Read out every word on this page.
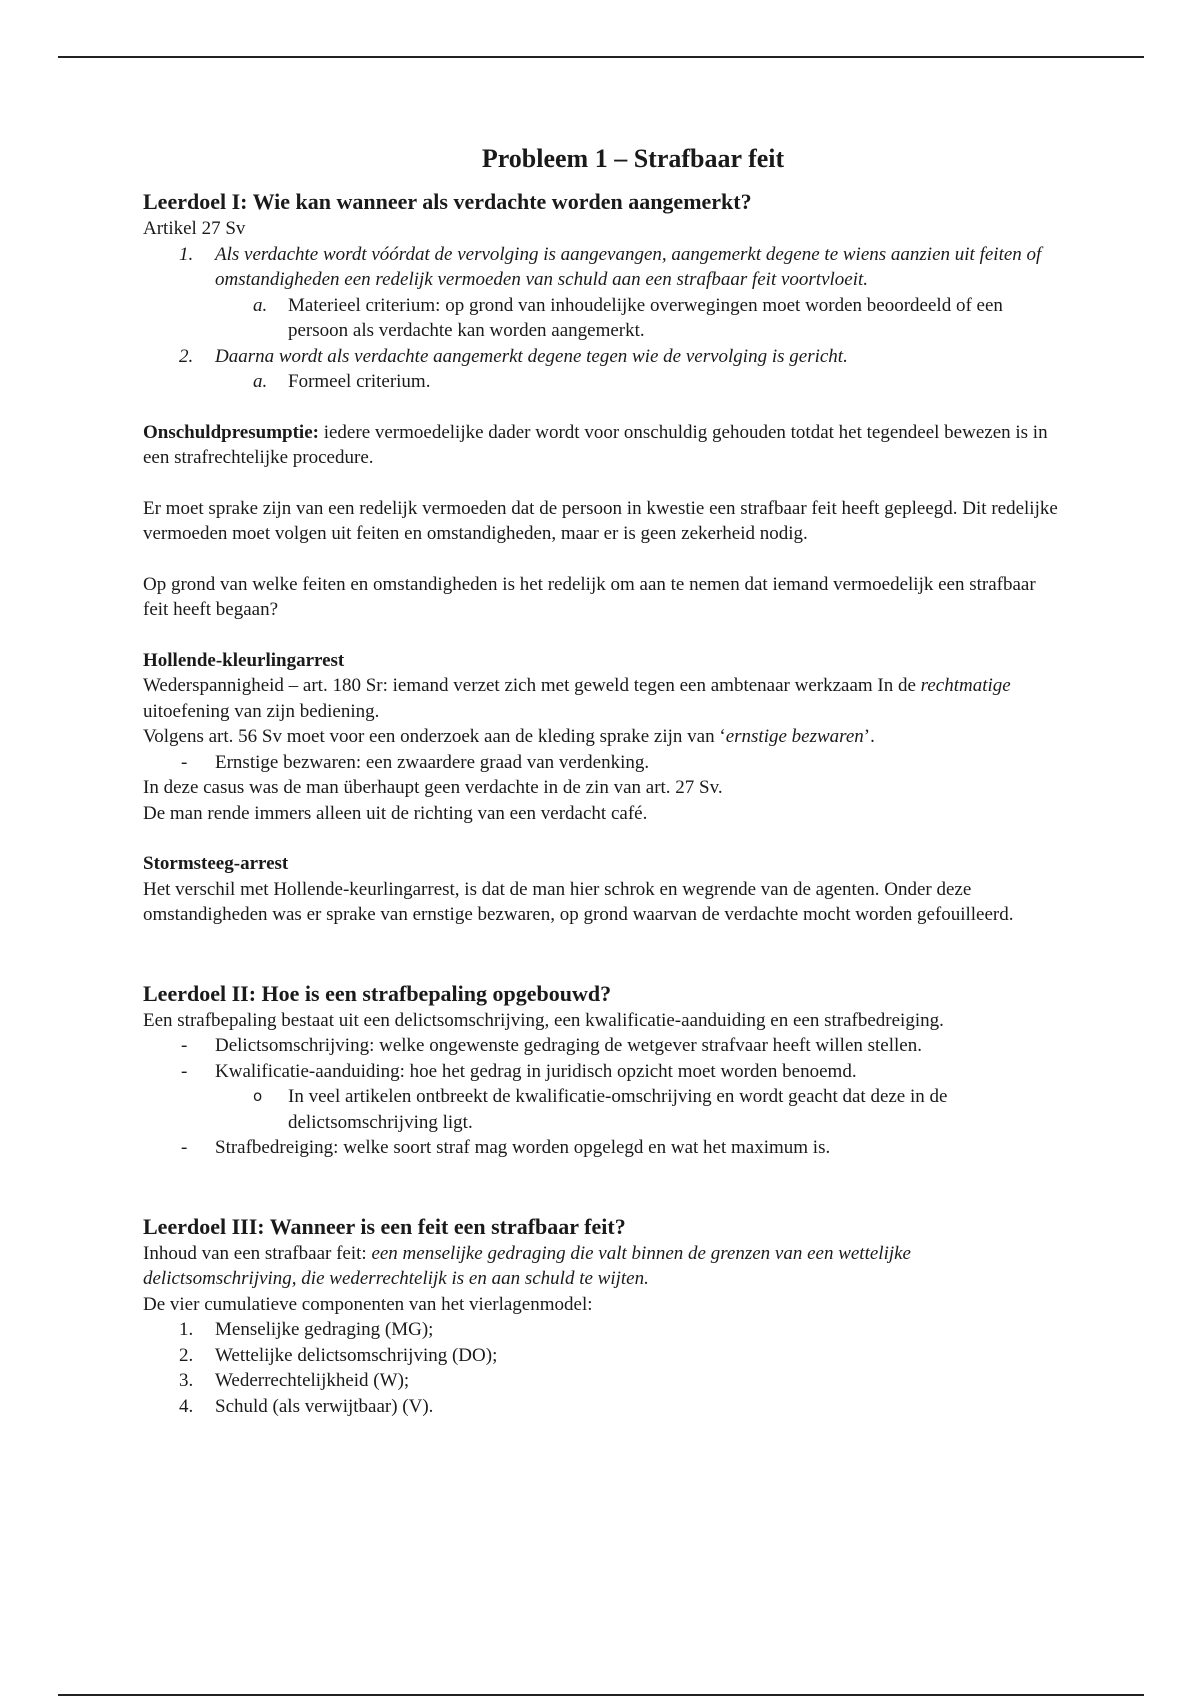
Probleem 1 – Strafbaar feit
Leerdoel I: Wie kan wanneer als verdachte worden aangemerkt?

Artikel 27 Sv

1.	Als verdachte wordt vóórdat de vervolging is aangevangen, aangemerkt degene te wiens aanzien uit feiten of omstandigheden een redelijk vermoeden van schuld aan een strafbaar feit voortvloeit.
a.	Materieel criterium: op grond van inhoudelijke overwegingen moet worden beoordeeld of een persoon als verdachte kan worden aangemerkt.
2.	Daarna wordt als verdachte aangemerkt degene tegen wie de vervolging is gericht.
a.	Formeel criterium.

Onschuldpresumptie: iedere vermoedelijke dader wordt voor onschuldig gehouden totdat het tegendeel bewezen is in een strafrechtelijke procedure.

Er moet sprake zijn van een redelijk vermoeden dat de persoon in kwestie een strafbaar feit heeft gepleegd. Dit redelijke vermoeden moet volgen uit feiten en omstandigheden, maar er is geen zekerheid nodig.

Op grond van welke feiten en omstandigheden is het redelijk om aan te nemen dat iemand vermoedelijk een strafbaar feit heeft begaan?

Hollende-kleurlingarrest

Wederspannigheid – art. 180 Sr: iemand verzet zich met geweld tegen een ambtenaar werkzaam In de rechtmatige uitoefening van zijn bediening.

Volgens art. 56 Sv moet voor een onderzoek aan de kleding sprake zijn van ‘ernstige bezwaren’.

-	Ernstige bezwaren: een zwaardere graad van verdenking.

In deze casus was de man überhaupt geen verdachte in de zin van art. 27 Sv.

De man rende immers alleen uit de richting van een verdacht café.

Stormsteeg-arrest

Het verschil met Hollende-keurlingarrest, is dat de man hier schrok en wegrende van de agenten. Onder deze omstandigheden was er sprake van ernstige bezwaren, op grond waarvan de verdachte mocht worden gefouilleerd.

Leerdoel II: Hoe is een strafbepaling opgebouwd?

Een strafbepaling bestaat uit een delictsomschrijving, een kwalificatie-aanduiding en een strafbedreiging.

-	Delictsomschrijving: welke ongewenste gedraging de wetgever strafvaar heeft willen stellen.
-	Kwalificatie-aanduiding: hoe het gedrag in juridisch opzicht moet worden benoemd.
o	In veel artikelen ontbreekt de kwalificatie-omschrijving en wordt geacht dat deze in de delictsomschrijving ligt.
-	Strafbedreiging: welke soort straf mag worden opgelegd en wat het maximum is.
Leerdoel III: Wanneer is een feit een strafbaar feit?

Inhoud van een strafbaar feit: een menselijke gedraging die valt binnen de grenzen van een wettelijke delictsomschrijving, die wederrechtelijk is en aan schuld te wijten.

De vier cumulatieve componenten van het vierlagenmodel:

1.	Menselijke gedraging (MG);
2.	Wettelijke delictsomschrijving (DO);
3.	Wederrechtelijkheid (W);
4.	Schuld (als verwijtbaar) (V).
